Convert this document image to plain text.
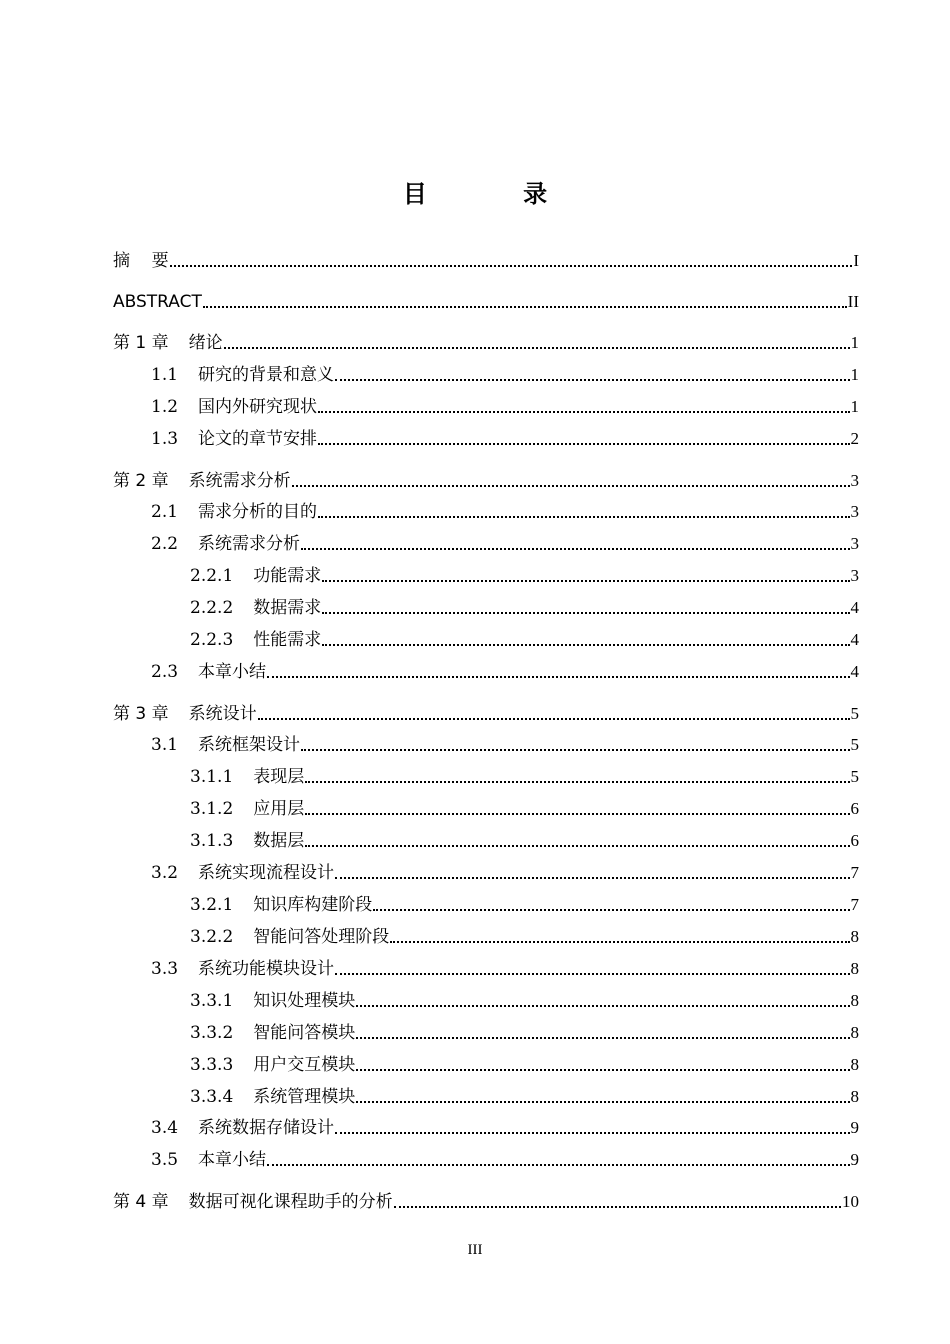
目 录
摘    要	I
ABSTRACT	II
第 1 章	绪论	1
1.1	研究的背景和意义	1
1.2	国内外研究现状	1
1.3	论文的章节安排	2
第 2 章	系统需求分析	3
2.1	需求分析的目的	3
2.2	系统需求分析	3
2.2.1	功能需求	3
2.2.2	数据需求	4
2.2.3	性能需求	4
2.3	本章小结	4
第 3 章	系统设计	5
3.1	系统框架设计	5
3.1.1	表现层	5
3.1.2	应用层	6
3.1.3	数据层	6
3.2	系统实现流程设计	7
3.2.1	知识库构建阶段	7
3.2.2	智能问答处理阶段	8
3.3	系统功能模块设计	8
3.3.1	知识处理模块	8
3.3.2	智能问答模块	8
3.3.3	用户交互模块	8
3.3.4	系统管理模块	8
3.4	系统数据存储设计	9
3.5	本章小结	9
第 4 章	数据可视化课程助手的分析	10
III
